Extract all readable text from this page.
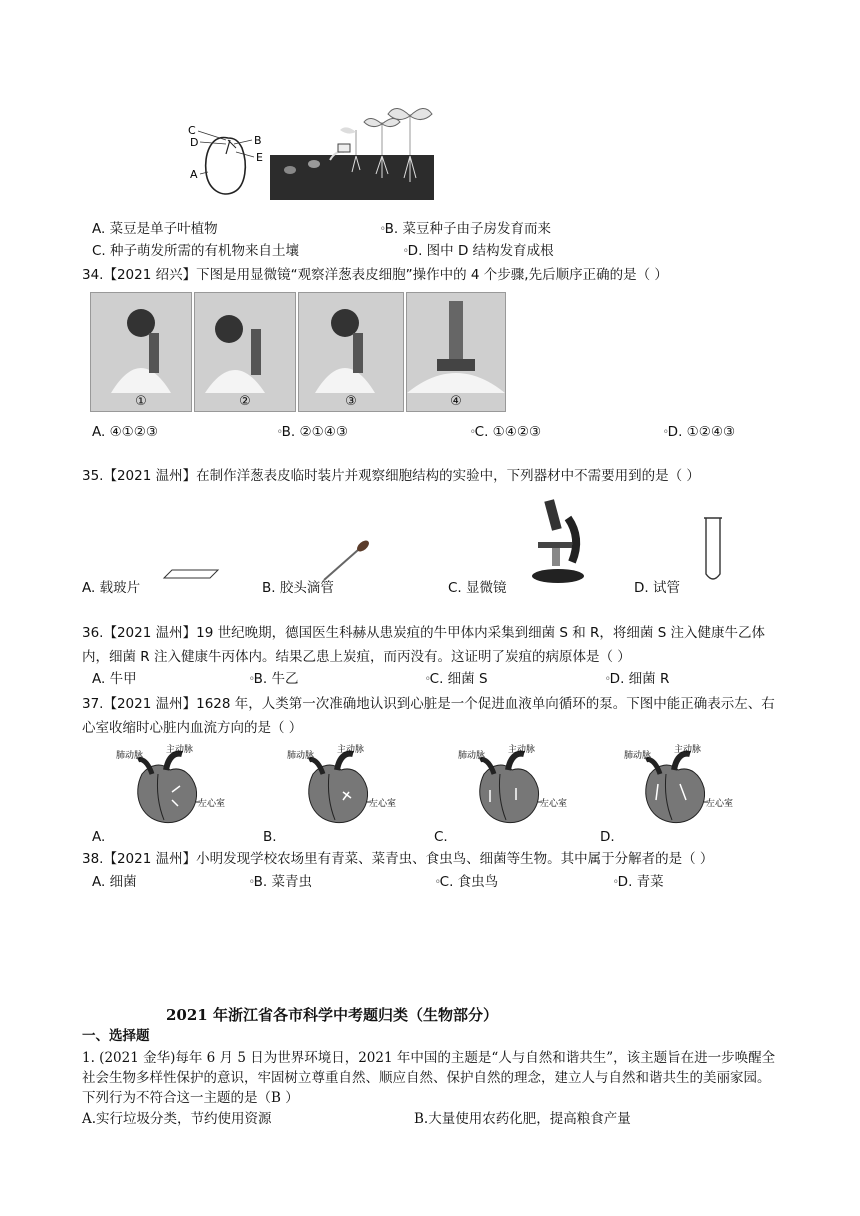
C
D	B
E
A
A. 菜豆是单子叶植物	oB. 菜豆种子由子房发育而来
C. 种子萌发所需的有机物来自土壤	oD. 图中 D 结构发育成根
34.【2021 绍兴】下图是用显微镜“观察洋葱表皮细胞”操作中的 4 个步骤,先后顺序正确的是（ ）
①	②	③	④
A. ④①②③	oB. ②①④③	oC. ①④②③	oD. ①②④③
35.【2021 温州】在制作洋葱表皮临时装片并观察细胞结构的实验中，下列器材中不需要用到的是（ ）
A. 载玻片	B. 胶头滴管	C. 显微镜	D. 试管
36.【2021 温州】19 世纪晚期，德国医生科赫从患炭疽的牛甲体内采集到细菌 S 和 R，将细菌 S 注入健康牛乙体内，细菌 R 注入健康牛丙体内。结果乙患上炭疽，而丙没有。这证明了炭疽的病原体是（ ）
A. 牛甲	oB. 牛乙	oC. 细菌 S	oD. 细菌 R
37.【2021 温州】1628 年，人类第一次准确地认识到心脏是一个促进血液单向循环的泵。下图中能正确表示左、右心室收缩时心脏内血流方向的是（ ）
肺动脉
主动脉
左心室
肺动脉
主动脉
左心室
肺动脉
主动脉
左心室
肺动脉
主动脉
左心室
A.	B.	C.	D.
38.【2021 温州】小明发现学校农场里有青菜、菜青虫、食虫鸟、细菌等生物。其中属于分解者的是（ ）
A. 细菌	oB. 菜青虫	oC. 食虫鸟	oD. 青菜
2021 年浙江省各市科学中考题归类（生物部分）
一、选择题
1. (2021 金华)每年 6 月 5 日为世界环境日，2021 年中国的主题是“人与自然和谐共生”，该主题旨在进一步唤醒全社会生物多样性保护的意识，牢固树立尊重自然、顺应自然、保护自然的理念，建立人与自然和谐共生的美丽家园。下列行为不符合这一主题的是（B ）
A.实行垃圾分类，节约使用资源	B.大量使用农药化肥，提高粮食产量
